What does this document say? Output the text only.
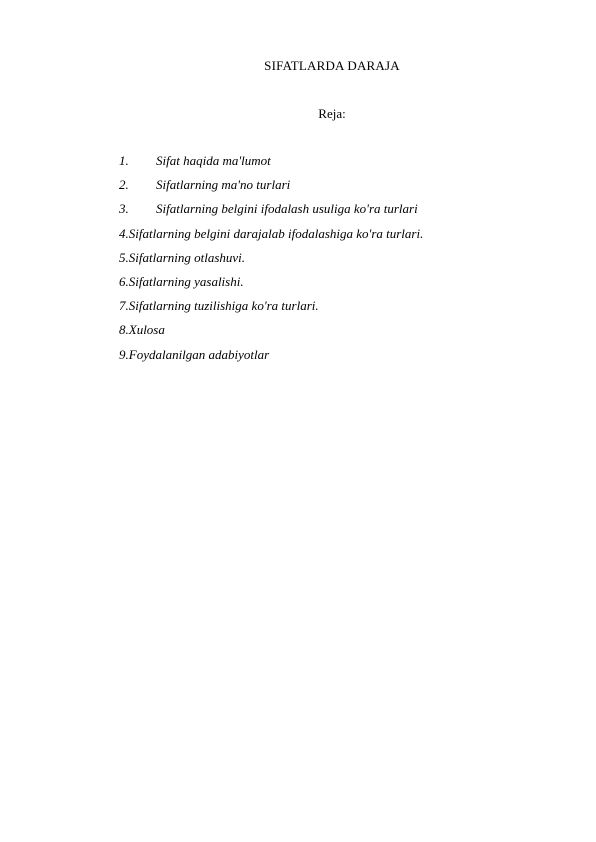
SIFATLARDA DARAJA
Reja:
1. Sifat haqida ma'lumot
2. Sifatlarning ma'no turlari
3. Sifatlarning belgini ifodalash usuliga ko'ra turlari
4.Sifatlarning belgini darajalab ifodalashiga ko'ra turlari.
5.Sifatlarning otlashuvi.
6.Sifatlarning yasalishi.
7.Sifatlarning tuzilishiga ko'ra turlari.
8.Xulosa
9.Foydalanilgan adabiyotlar
